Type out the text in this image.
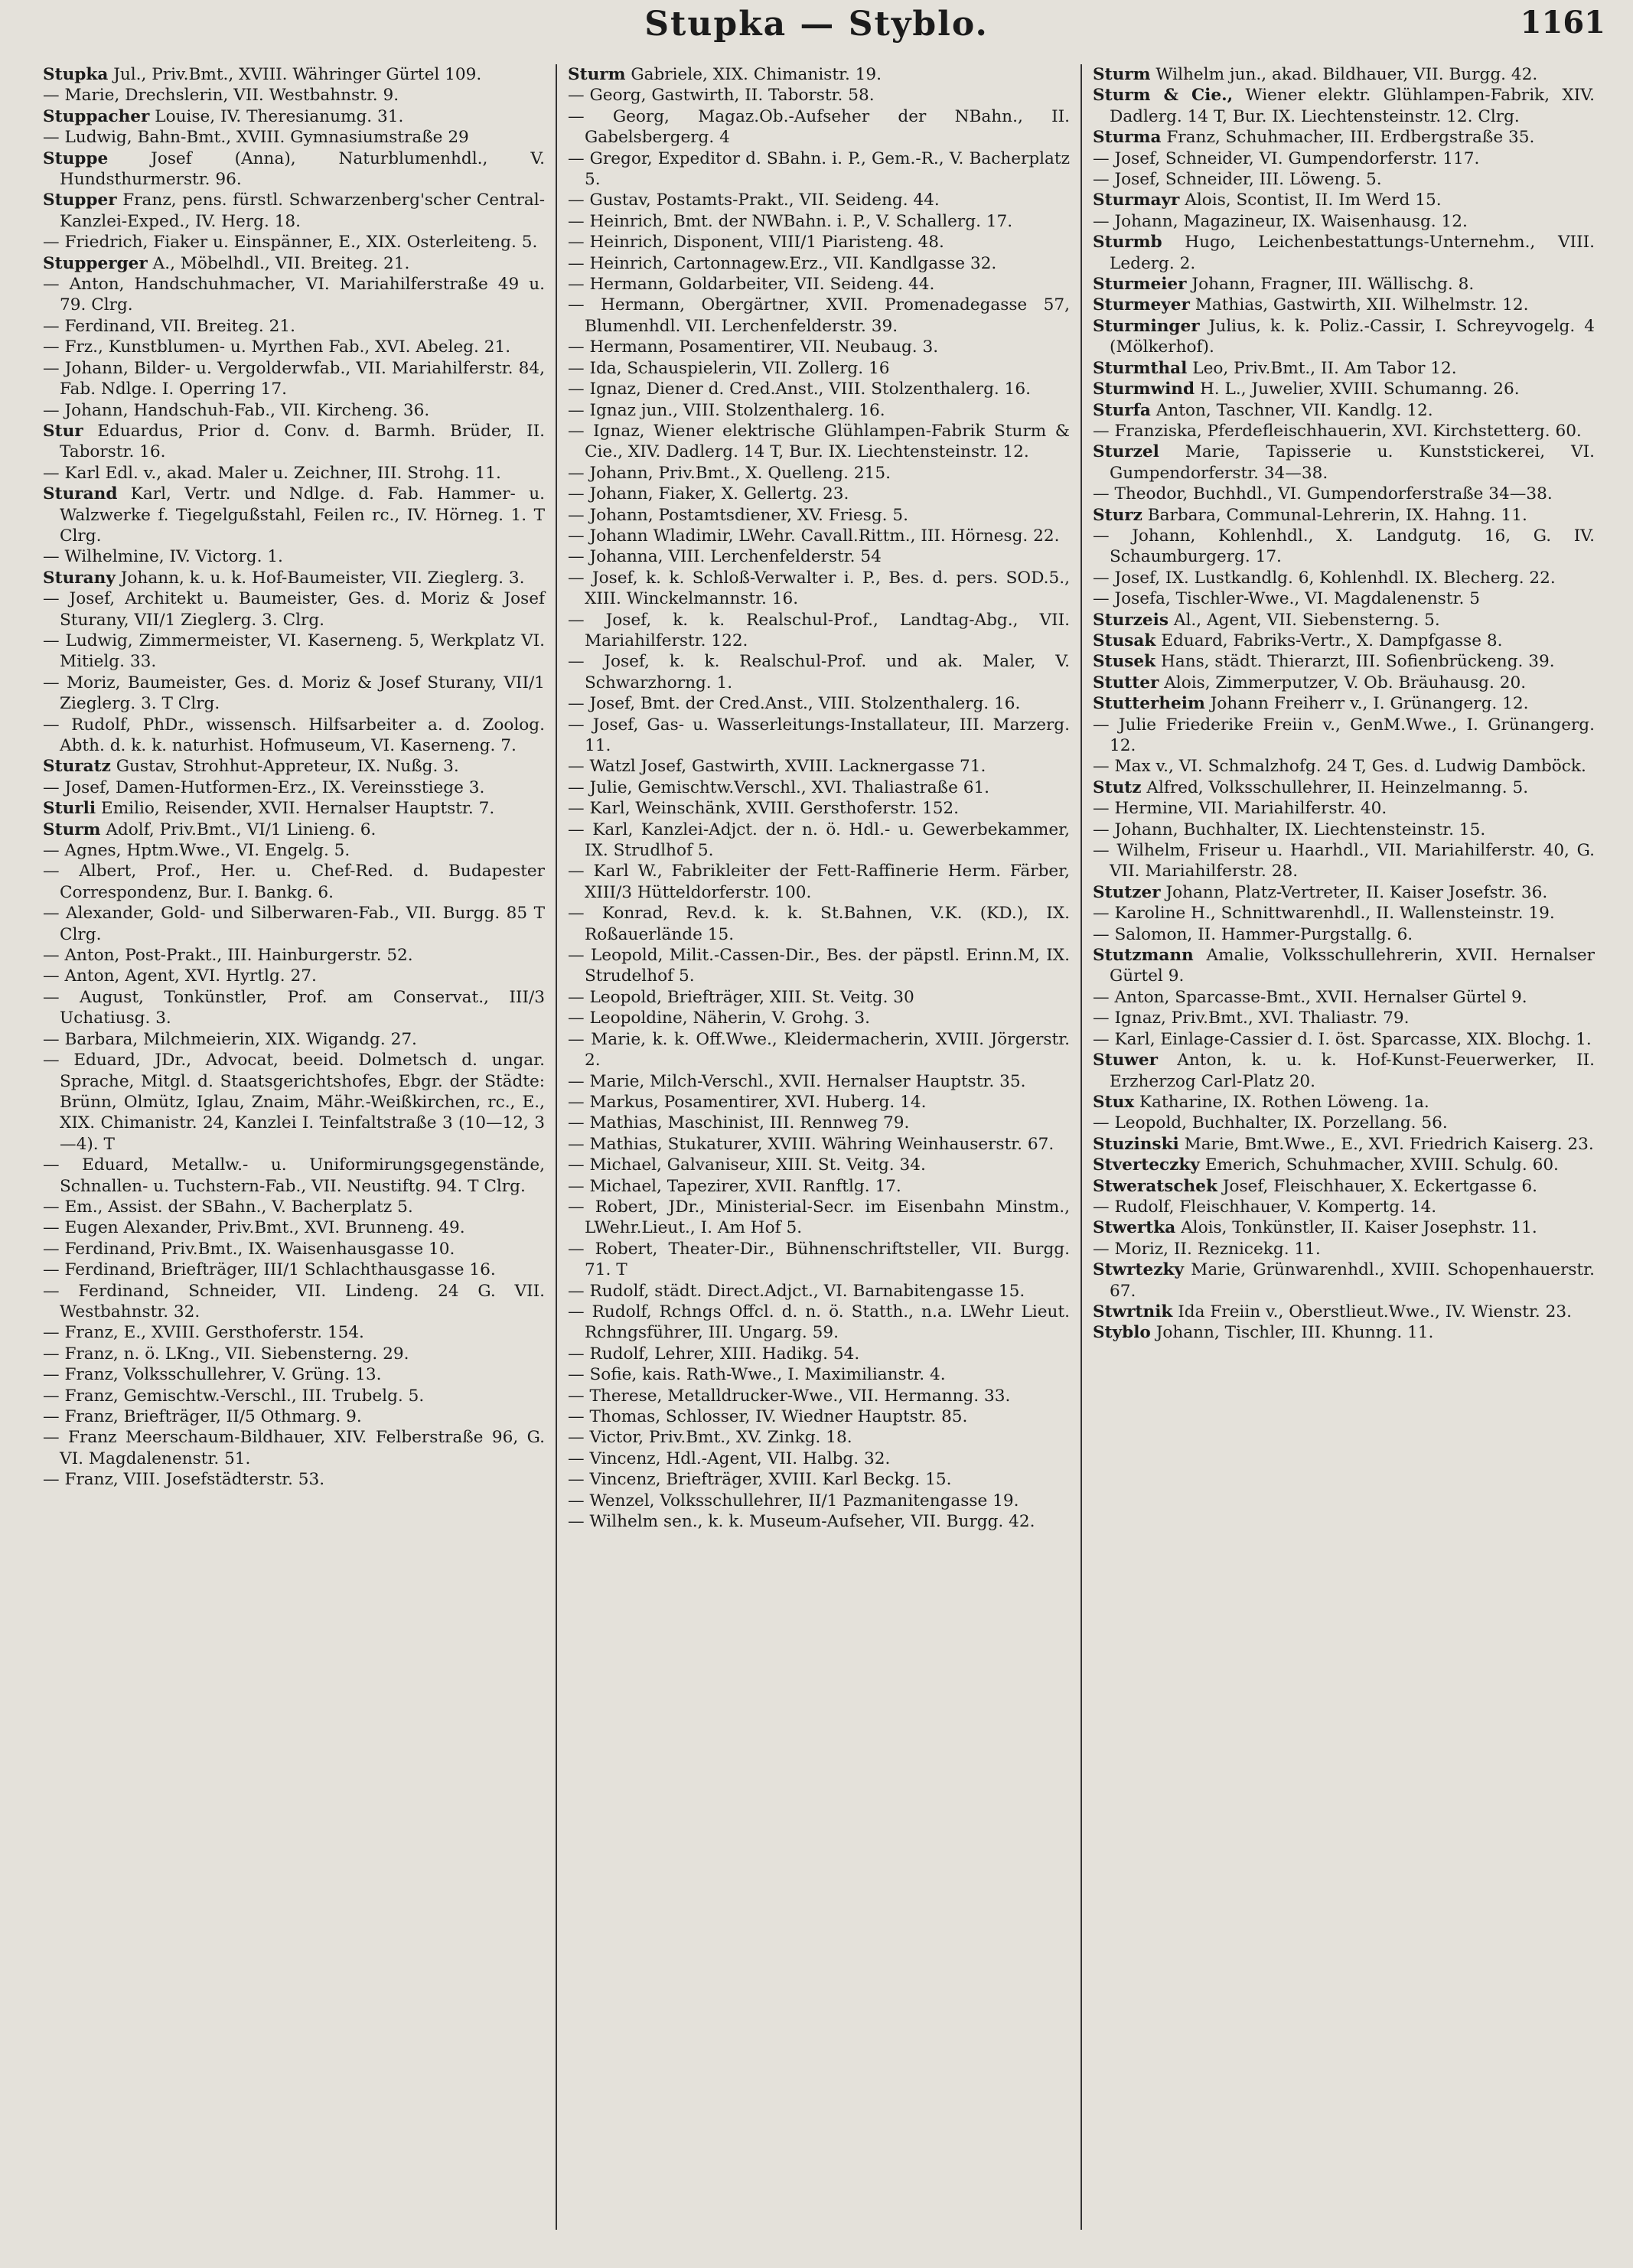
Stupka — Styblo.	1161

Stupka Jul., Priv.Bmt., XVIII. Währinger Gürtel 109.

— Marie, Drechslerin, VII. Westbahnstr. 9.

Stuppacher Louise, IV. Theresianumg. 31.

— Ludwig, Bahn-Bmt., XVIII. Gymnasiumstraße 29

Stuppe Josef (Anna), Naturblumenhdl., V. Hundsthurmerstr. 96.

Stupper Franz, pens. fürstl. Schwarzenberg'scher Central-Kanzlei-Exped., IV. Herg. 18.

— Friedrich, Fiaker u. Einspänner, E., XIX. Osterleiteng. 5.

Stupperger A., Möbelhdl., VII. Breiteg. 21.

— Anton, Handschuhmacher, VI. Mariahilferstraße 49 u. 79. Clrg.

— Ferdinand, VII. Breiteg. 21.

— Frz., Kunstblumen- u. Myrthen Fab., XVI. Abeleg. 21.

— Johann, Bilder- u. Vergolderwfab., VII. Mariahilferstr. 84, Fab. Ndlge. I. Operring 17.

— Johann, Handschuh-Fab., VII. Kircheng. 36.

Stur Eduardus, Prior d. Conv. d. Barmh. Brüder, II. Taborstr. 16.

— Karl Edl. v., akad. Maler u. Zeichner, III. Strohg. 11.

Sturand Karl, Vertr. und Ndlge. d. Fab. Hammer- u. Walzwerke f. Tiegelgußstahl, Feilen rc., IV. Hörneg. 1. T Clrg.

— Wilhelmine, IV. Victorg. 1.

Sturany Johann, k. u. k. Hof-Baumeister, VII. Zieglerg. 3.

— Josef, Architekt u. Baumeister, Ges. d. Moriz & Josef Sturany, VII/1 Zieglerg. 3. Clrg.

— Ludwig, Zimmermeister, VI. Kaserneng. 5, Werkplatz VI. Mitielg. 33.

— Moriz, Baumeister, Ges. d. Moriz & Josef Sturany, VII/1 Zieglerg. 3. T Clrg.

— Rudolf, PhDr., wissensch. Hilfsarbeiter a. d. Zoolog. Abth. d. k. k. naturhist. Hofmuseum, VI. Kaserneng. 7.

Sturatz Gustav, Strohhut-Appreteur, IX. Nußg. 3.

— Josef, Damen-Hutformen-Erz., IX. Vereinsstiege 3.

Sturli Emilio, Reisender, XVII. Hernalser Hauptstr. 7.

Sturm Adolf, Priv.Bmt., VI/1 Linieng. 6.

— Agnes, Hptm.Wwe., VI. Engelg. 5.

— Albert, Prof., Her. u. Chef-Red. d. Budapester Correspondenz, Bur. I. Bankg. 6.

— Alexander, Gold- und Silberwaren-Fab., VII. Burgg. 85 T Clrg.

— Anton, Post-Prakt., III. Hainburgerstr. 52.

— Anton, Agent, XVI. Hyrtlg. 27.

— August, Tonkünstler, Prof. am Conservat., III/3 Uchatiusg. 3.

— Barbara, Milchmeierin, XIX. Wigandg. 27.

— Eduard, JDr., Advocat, beeid. Dolmetsch d. ungar. Sprache, Mitgl. d. Staatsgerichtshofes, Ebgr. der Städte: Brünn, Olmütz, Iglau, Znaim, Mähr.-Weißkirchen, rc., E., XIX. Chimanistr. 24, Kanzlei I. Teinfaltstraße 3 (10—12, 3—4). T

— Eduard, Metallw.- u. Uniformirungsgegenstände, Schnallen- u. Tuchstern-Fab., VII. Neustiftg. 94. T Clrg.

— Em., Assist. der SBahn., V. Bacherplatz 5.

— Eugen Alexander, Priv.Bmt., XVI. Brunneng. 49.

— Ferdinand, Priv.Bmt., IX. Waisenhausgasse 10.

— Ferdinand, Briefträger, III/1 Schlachthausgasse 16.

— Ferdinand, Schneider, VII. Lindeng. 24 G. VII. Westbahnstr. 32.

— Franz, E., XVIII. Gersthoferstr. 154.

— Franz, n. ö. LKng., VII. Siebensterng. 29.

— Franz, Volksschullehrer, V. Grüng. 13.

— Franz, Gemischtw.-Verschl., III. Trubelg. 5.

— Franz, Briefträger, II/5 Othmarg. 9.

— Franz Meerschaum-Bildhauer, XIV. Felberstraße 96, G. VI. Magdalenenstr. 51.

— Franz, VIII. Josefstädterstr. 53.

Sturm Gabriele, XIX. Chimanistr. 19.

— Georg, Gastwirth, II. Taborstr. 58.

— Georg, Magaz.Ob.-Aufseher der NBahn., II. Gabelsbergerg. 4

— Gregor, Expeditor d. SBahn. i. P., Gem.-R., V. Bacherplatz 5.

— Gustav, Postamts-Prakt., VII. Seideng. 44.

— Heinrich, Bmt. der NWBahn. i. P., V. Schallerg. 17.

— Heinrich, Disponent, VIII/1 Piaristeng. 48.

— Heinrich, Cartonnagew.Erz., VII. Kandlgasse 32.

— Hermann, Goldarbeiter, VII. Seideng. 44.

— Hermann, Obergärtner, XVII. Promenadegasse 57, Blumenhdl. VII. Lerchenfelderstr. 39.

— Hermann, Posamentirer, VII. Neubaug. 3.

— Ida, Schauspielerin, VII. Zollerg. 16

— Ignaz, Diener d. Cred.Anst., VIII. Stolzenthalerg. 16.

— Ignaz jun., VIII. Stolzenthalerg. 16.

— Ignaz, Wiener elektrische Glühlampen-Fabrik Sturm & Cie., XIV. Dadlerg. 14 T, Bur. IX. Liechtensteinstr. 12.

— Johann, Priv.Bmt., X. Quelleng. 215.

— Johann, Fiaker, X. Gellertg. 23.

— Johann, Postamtsdiener, XV. Friesg. 5.

— Johann Wladimir, LWehr. Cavall.Rittm., III. Hörnesg. 22.

— Johanna, VIII. Lerchenfelderstr. 54

— Josef, k. k. Schloß-Verwalter i. P., Bes. d. pers. SOD.5., XIII. Winckelmannstr. 16.

— Josef, k. k. Realschul-Prof., Landtag-Abg., VII. Mariahilferstr. 122.

— Josef, k. k. Realschul-Prof. und ak. Maler, V. Schwarzhorng. 1.

— Josef, Bmt. der Cred.Anst., VIII. Stolzenthalerg. 16.

— Josef, Gas- u. Wasserleitungs-Installateur, III. Marzerg. 11.

— Watzl Josef, Gastwirth, XVIII. Lacknergasse 71.

— Julie, Gemischtw.Verschl., XVI. Thaliastraße 61.

— Karl, Weinschänk, XVIII. Gersthoferstr. 152.

— Karl, Kanzlei-Adjct. der n. ö. Hdl.- u. Gewerbekammer, IX. Strudlhof 5.

— Karl W., Fabrikleiter der Fett-Raffinerie Herm. Färber, XIII/3 Hütteldorferstr. 100.

— Konrad, Rev.d. k. k. St.Bahnen, V.K. (KD.), IX. Roßauerlände 15.

— Leopold, Milit.-Cassen-Dir., Bes. der päpstl. Erinn.M, IX. Strudelhof 5.

— Leopold, Briefträger, XIII. St. Veitg. 30

— Leopoldine, Näherin, V. Grohg. 3.

— Marie, k. k. Off.Wwe., Kleidermacherin, XVIII. Jörgerstr. 2.

— Marie, Milch-Verschl., XVII. Hernalser Hauptstr. 35.

— Markus, Posamentirer, XVI. Huberg. 14.

— Mathias, Maschinist, III. Rennweg 79.

— Mathias, Stukaturer, XVIII. Währing Weinhauserstr. 67.

— Michael, Galvaniseur, XIII. St. Veitg. 34.

— Michael, Tapezirer, XVII. Ranftlg. 17.

— Robert, JDr., Ministerial-Secr. im Eisenbahn Minstm., LWehr.Lieut., I. Am Hof 5.

— Robert, Theater-Dir., Bühnenschriftsteller, VII. Burgg. 71. T

— Rudolf, städt. Direct.Adjct., VI. Barnabitengasse 15.

— Rudolf, Rchngs Offcl. d. n. ö. Statth., n.a. LWehr Lieut. Rchngsführer, III. Ungarg. 59.

— Rudolf, Lehrer, XIII. Hadikg. 54.

— Sofie, kais. Rath-Wwe., I. Maximilianstr. 4.

— Therese, Metalldrucker-Wwe., VII. Hermanng. 33.

— Thomas, Schlosser, IV. Wiedner Hauptstr. 85.

— Victor, Priv.Bmt., XV. Zinkg. 18.

— Vincenz, Hdl.-Agent, VII. Halbg. 32.

— Vincenz, Briefträger, XVIII. Karl Beckg. 15.

— Wenzel, Volksschullehrer, II/1 Pazmanitengasse 19.

— Wilhelm sen., k. k. Museum-Aufseher, VII. Burgg. 42.

Sturm Wilhelm jun., akad. Bildhauer, VII. Burgg. 42.

Sturm & Cie., Wiener elektr. Glühlampen-Fabrik, XIV. Dadlerg. 14 T, Bur. IX. Liechtensteinstr. 12. Clrg.

Sturma Franz, Schuhmacher, III. Erdbergstraße 35.

— Josef, Schneider, VI. Gumpendorferstr. 117.

— Josef, Schneider, III. Löweng. 5.

Sturmayr Alois, Scontist, II. Im Werd 15.

— Johann, Magazineur, IX. Waisenhausg. 12.

Sturmb Hugo, Leichenbestattungs-Unternehm., VIII. Lederg. 2.

Sturmeier Johann, Fragner, III. Wällischg. 8.

Sturmeyer Mathias, Gastwirth, XII. Wilhelmstr. 12.

Sturminger Julius, k. k. Poliz.-Cassir, I. Schreyvogelg. 4 (Mölkerhof).

Sturmthal Leo, Priv.Bmt., II. Am Tabor 12.

Sturmwind H. L., Juwelier, XVIII. Schumanng. 26.

Sturfa Anton, Taschner, VII. Kandlg. 12.

— Franziska, Pferdefleischhauerin, XVI. Kirchstetterg. 60.

Sturzel Marie, Tapisserie u. Kunststickerei, VI. Gumpendorferstr. 34—38.

— Theodor, Buchhdl., VI. Gumpendorferstraße 34—38.

Sturz Barbara, Communal-Lehrerin, IX. Hahng. 11.

— Johann, Kohlenhdl., X. Landgutg. 16, G. IV. Schaumburgerg. 17.

— Josef, IX. Lustkandlg. 6, Kohlenhdl. IX. Blecherg. 22.

— Josefa, Tischler-Wwe., VI. Magdalenenstr. 5

Sturzeis Al., Agent, VII. Siebensterng. 5.

Stusak Eduard, Fabriks-Vertr., X. Dampfgasse 8.

Stusek Hans, städt. Thierarzt, III. Sofienbrückeng. 39.

Stutter Alois, Zimmerputzer, V. Ob. Bräuhausg. 20.

Stutterheim Johann Freiherr v., I. Grünangerg. 12.

— Julie Friederike Freiin v., GenM.Wwe., I. Grünangerg. 12.

— Max v., VI. Schmalzhofg. 24 T, Ges. d. Ludwig Damböck.

Stutz Alfred, Volksschullehrer, II. Heinzelmanng. 5.

— Hermine, VII. Mariahilferstr. 40.

— Johann, Buchhalter, IX. Liechtensteinstr. 15.

— Wilhelm, Friseur u. Haarhdl., VII. Mariahilferstr. 40, G. VII. Mariahilferstr. 28.

Stutzer Johann, Platz-Vertreter, II. Kaiser Josefstr. 36.

— Karoline H., Schnittwarenhdl., II. Wallensteinstr. 19.

— Salomon, II. Hammer-Purgstallg. 6.

Stutzmann Amalie, Volksschullehrerin, XVII. Hernalser Gürtel 9.

— Anton, Sparcasse-Bmt., XVII. Hernalser Gürtel 9.

— Ignaz, Priv.Bmt., XVI. Thaliastr. 79.

— Karl, Einlage-Cassier d. I. öst. Sparcasse, XIX. Blochg. 1.

Stuwer Anton, k. u. k. Hof-Kunst-Feuerwerker, II. Erzherzog Carl-Platz 20.

Stux Katharine, IX. Rothen Löweng. 1a.

— Leopold, Buchhalter, IX. Porzellang. 56.

Stuzinski Marie, Bmt.Wwe., E., XVI. Friedrich Kaiserg. 23.

Stverteczky Emerich, Schuhmacher, XVIII. Schulg. 60.

Stweratschek Josef, Fleischhauer, X. Eckertgasse 6.

— Rudolf, Fleischhauer, V. Kompertg. 14.

Stwertka Alois, Tonkünstler, II. Kaiser Josephstr. 11.

— Moriz, II. Reznicekg. 11.

Stwrtezky Marie, Grünwarenhdl., XVIII. Schopenhauerstr. 67.

Stwrtnik Ida Freiin v., Oberstlieut.Wwe., IV. Wienstr. 23.

Styblo Johann, Tischler, III. Khunng. 11.
